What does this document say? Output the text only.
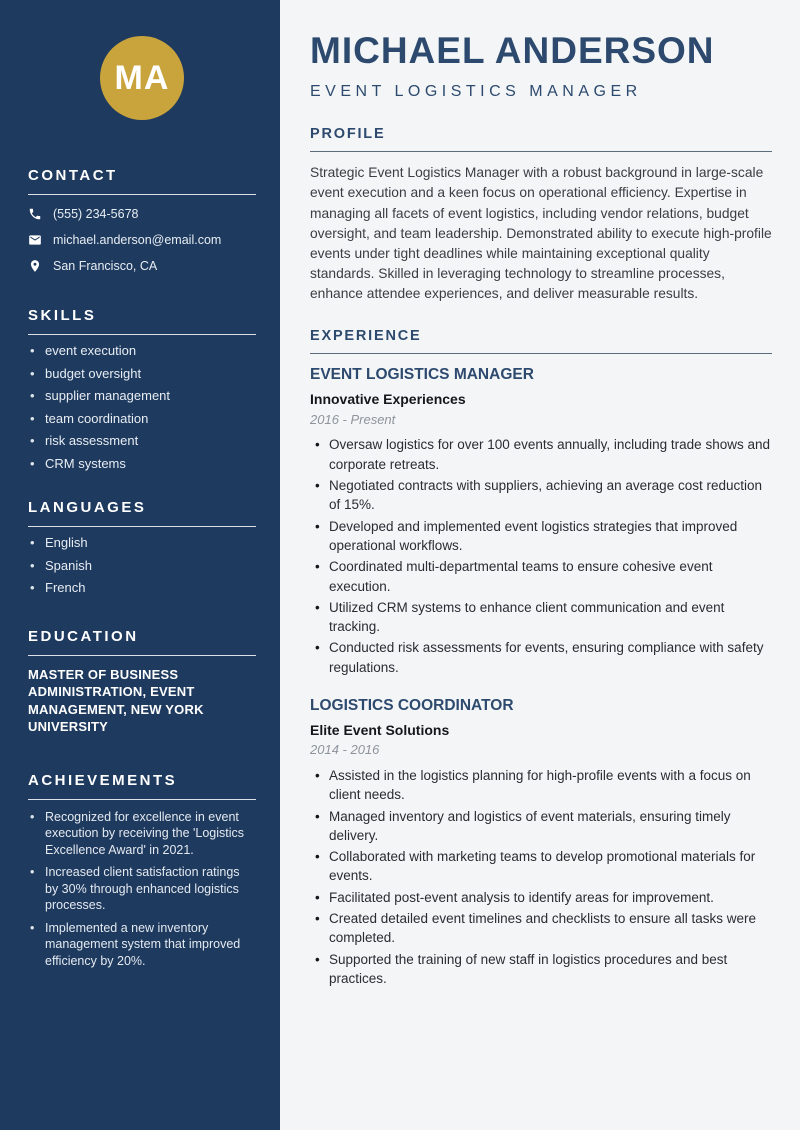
MA
CONTACT
(555) 234-5678
michael.anderson@email.com
San Francisco, CA
SKILLS
• event execution
• budget oversight
• supplier management
• team coordination
• risk assessment
• CRM systems
LANGUAGES
• English
• Spanish
• French
EDUCATION

MASTER OF BUSINESS ADMINISTRATION, EVENT MANAGEMENT, NEW YORK UNIVERSITY

ACHIEVEMENTS
• Recognized for excellence in event execution by receiving the 'Logistics Excellence Award' in 2021.
• Increased client satisfaction ratings by 30% through enhanced logistics processes.
• Implemented a new inventory management system that improved efficiency by 20%.
MICHAEL ANDERSON
EVENT LOGISTICS MANAGER
PROFILE

Strategic Event Logistics Manager with a robust background in large-scale event execution and a keen focus on operational efficiency. Expertise in managing all facets of event logistics, including vendor relations, budget oversight, and team leadership. Demonstrated ability to execute high-profile events under tight deadlines while maintaining exceptional quality standards. Skilled in leveraging technology to streamline processes, enhance attendee experiences, and deliver measurable results.

EXPERIENCE
EVENT LOGISTICS MANAGER
Innovative Experiences
2016 - Present
• Oversaw logistics for over 100 events annually, including trade shows and corporate retreats.
• Negotiated contracts with suppliers, achieving an average cost reduction of 15%.
• Developed and implemented event logistics strategies that improved operational workflows.
• Coordinated multi-departmental teams to ensure cohesive event execution.
• Utilized CRM systems to enhance client communication and event tracking.
• Conducted risk assessments for events, ensuring compliance with safety regulations.
LOGISTICS COORDINATOR
Elite Event Solutions
2014 - 2016
• Assisted in the logistics planning for high-profile events with a focus on client needs.
• Managed inventory and logistics of event materials, ensuring timely delivery.
• Collaborated with marketing teams to develop promotional materials for events.
• Facilitated post-event analysis to identify areas for improvement.
• Created detailed event timelines and checklists to ensure all tasks were completed.
• Supported the training of new staff in logistics procedures and best practices.
